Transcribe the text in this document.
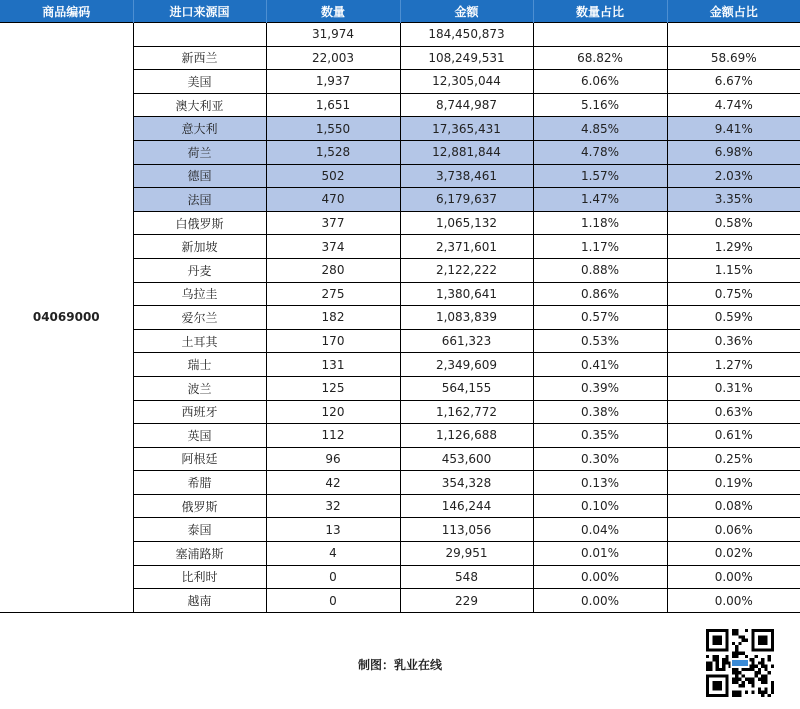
商品编码	进口来源国	数量	金额	数量占比	金额占比
04069000		31,974	184,450,873		
	新西兰	22,003	108,249,531	68.82%	58.69%
	美国	1,937	12,305,044	6.06%	6.67%
	澳大利亚	1,651	8,744,987	5.16%	4.74%
	意大利	1,550	17,365,431	4.85%	9.41%
	荷兰	1,528	12,881,844	4.78%	6.98%
	德国	502	3,738,461	1.57%	2.03%
	法国	470	6,179,637	1.47%	3.35%
	白俄罗斯	377	1,065,132	1.18%	0.58%
	新加坡	374	2,371,601	1.17%	1.29%
	丹麦	280	2,122,222	0.88%	1.15%
	乌拉圭	275	1,380,641	0.86%	0.75%
	爱尔兰	182	1,083,839	0.57%	0.59%
	土耳其	170	661,323	0.53%	0.36%
	瑞士	131	2,349,609	0.41%	1.27%
	波兰	125	564,155	0.39%	0.31%
	西班牙	120	1,162,772	0.38%	0.63%
	英国	112	1,126,688	0.35%	0.61%
	阿根廷	96	453,600	0.30%	0.25%
	希腊	42	354,328	0.13%	0.19%
	俄罗斯	32	146,244	0.10%	0.08%
	泰国	13	113,056	0.04%	0.06%
	塞浦路斯	4	29,951	0.01%	0.02%
	比利时	0	548	0.00%	0.00%
	越南	0	229	0.00%	0.00%
制图：乳业在线
